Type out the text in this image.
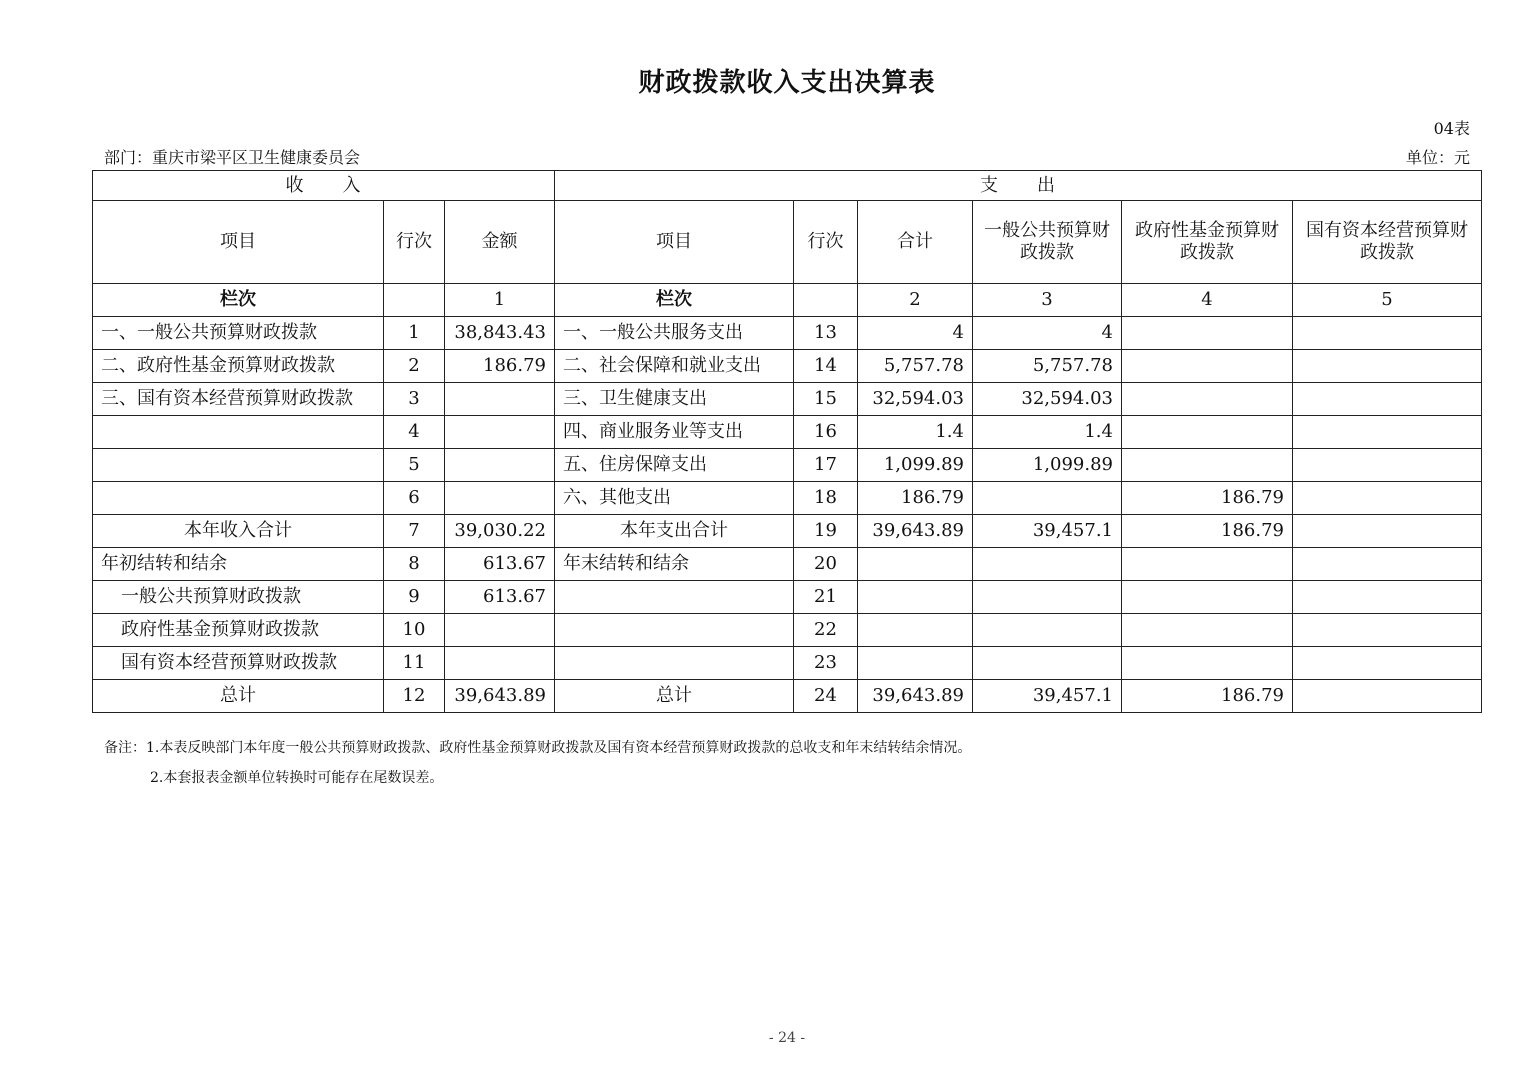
财政拨款收入支出决算表
04表
部门：重庆市梁平区卫生健康委员会	单位：元
收　　入			支　　出					
项目	行次	金额	项目	行次	合计	一般公共预算财政拨款	政府性基金预算财政拨款	国有资本经营预算财政拨款
栏次		1	栏次		2	3	4	5
一、一般公共预算财政拨款	1	38,843.43	一、一般公共服务支出	13	4	4		
二、政府性基金预算财政拨款	2	186.79	二、社会保障和就业支出	14	5,757.78	5,757.78		
三、国有资本经营预算财政拨款	3		三、卫生健康支出	15	32,594.03	32,594.03		
	4		四、商业服务业等支出	16	1.4	1.4		
	5		五、住房保障支出	17	1,099.89	1,099.89		
	6		六、其他支出	18	186.79		186.79	
本年收入合计	7	39,030.22	本年支出合计	19	39,643.89	39,457.1	186.79	
年初结转和结余	8	613.67	年末结转和结余	20				
一般公共预算财政拨款	9	613.67		21				
政府性基金预算财政拨款	10			22				
国有资本经营预算财政拨款	11			23				
总计	12	39,643.89	总计	24	39,643.89	39,457.1	186.79	
备注：1.本表反映部门本年度一般公共预算财政拨款、政府性基金预算财政拨款及国有资本经营预算财政拨款的总收支和年末结转结余情况。
2.本套报表金额单位转换时可能存在尾数误差。
- 24 -
